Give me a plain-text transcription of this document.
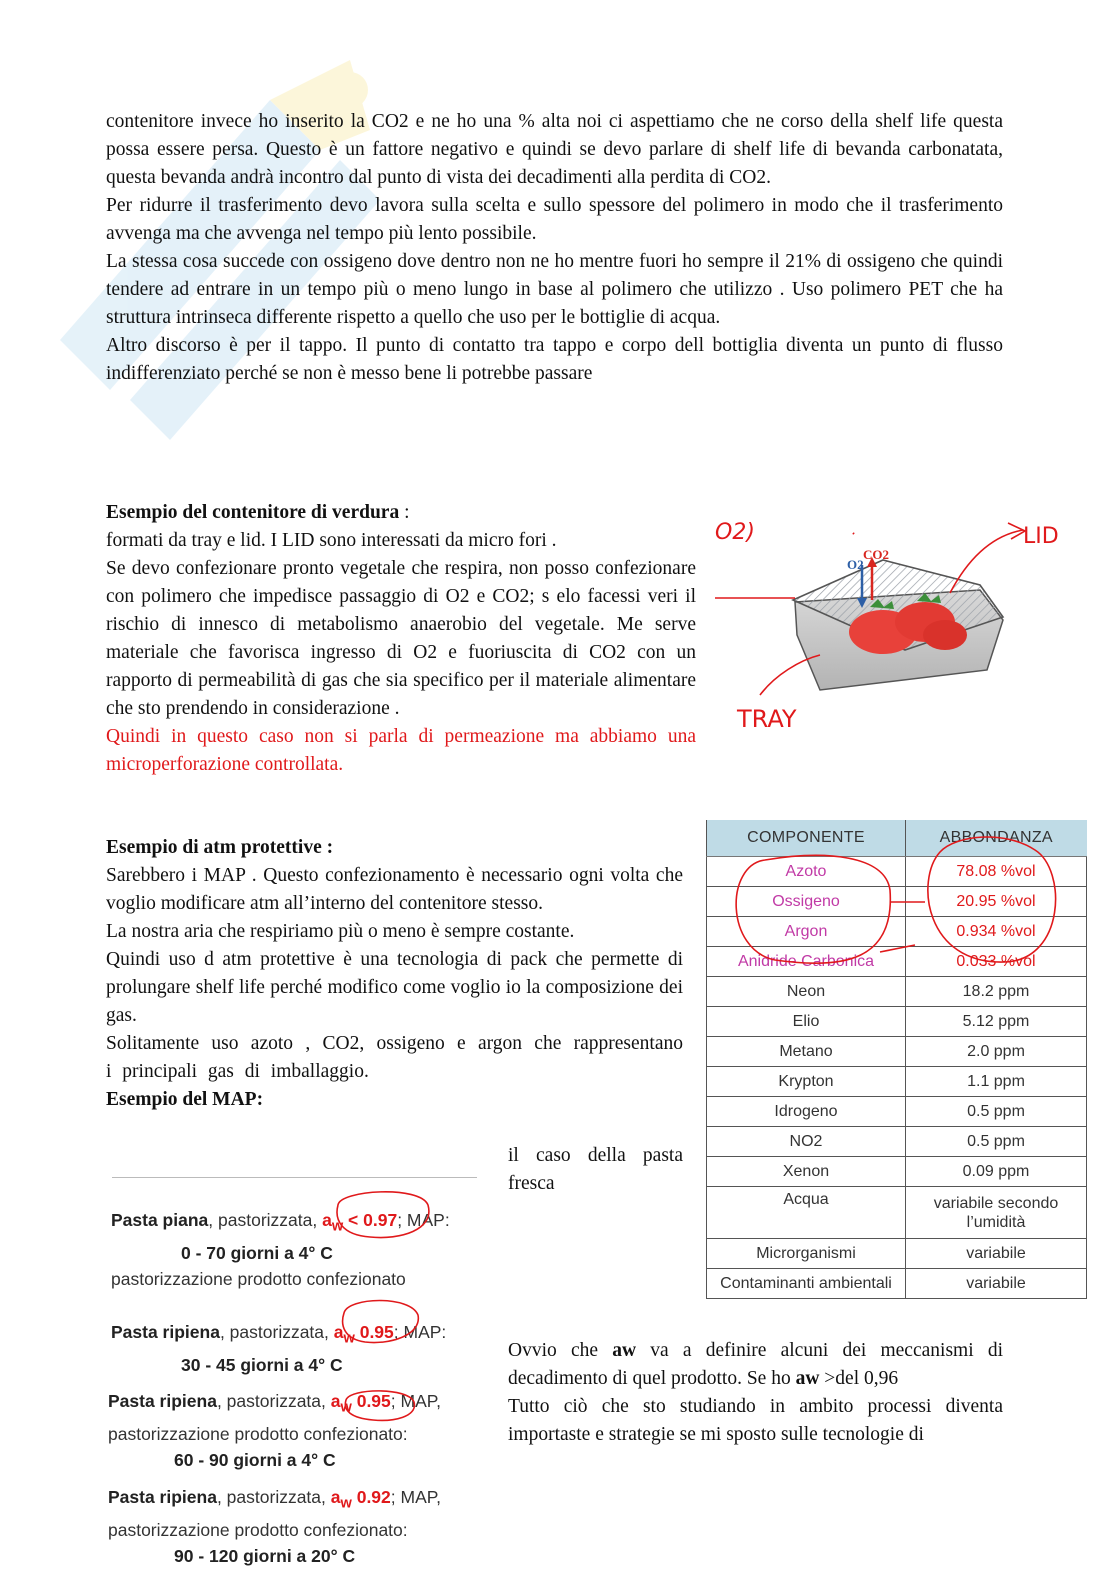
contenitore invece ho inserito la CO2 e ne ho una % alta noi ci aspettiamo che ne corso della shelf life questa possa essere persa. Questo è un fattore negativo e quindi se devo parlare di shelf life di bevanda carbonatata, questa bevanda andrà incontro dal punto di vista dei decadimenti alla perdita di CO2.
Per ridurre il trasferimento devo lavora sulla scelta e sullo spessore del polimero in modo che il trasferimento avvenga ma che avvenga nel tempo più lento possibile.
La stessa cosa succede con ossigeno dove dentro non ne ho mentre fuori ho sempre il 21% di ossigeno che quindi tendere ad entrare in un tempo più o meno lungo in base al polimero che utilizzo . Uso polimero PET che ha struttura intrinseca differente rispetto a quello che uso per le bottiglie di acqua.
Altro discorso è per il tappo. Il punto di contatto tra tappo e corpo dell bottiglia diventa un punto di flusso indifferenziato perché se non è messo bene li potrebbe passare
Esempio del contenitore di verdura :
formati da tray e lid. I LID sono interessati da micro fori .
Se devo confezionare pronto vegetale che respira, non posso confezionare con polimero che impedisce passaggio di O2 e CO2; s elo facessi veri il rischio di innesco di metabolismo anaerobio del vegetale. Me serve materiale che favorisca ingresso di O2 e fuoriuscita di CO2 con un rapporto di permeabilità di gas che sia specifico per il materiale alimentare che sto prendendo in considerazione .
Quindi in questo caso non si parla di permeazione ma abbiamo una microperforazione controllata.
O2
CO2
O2)	LID
TRAY
Esempio di atm protettive :
Sarebbero i MAP . Questo confezionamento è necessario ogni volta che voglio modificare atm all’interno del contenitore stesso.
La nostra aria che respiriamo più o meno è sempre costante.
Quindi uso d atm protettive è una tecnologia di pack che permette di prolungare shelf life perché modifico come voglio io la composizione dei gas.
Solitamente uso azoto , CO2, ossigeno e argon che rappresentano i principali gas di imballaggio.
Esempio del MAP:
il caso della pasta fresca
COMPONENTE	ABBONDANZA
Azoto	78.08 %vol
Ossigeno	20.95 %vol
Argon	0.934 %vol
Anidride Carbonica	0.033 %vol
Neon	18.2 ppm
Elio	5.12 ppm
Metano	2.0 ppm
Krypton	1.1 ppm
Idrogeno	0.5 ppm
NO2	0.5 ppm
Xenon	0.09 ppm
Acqua	variabile secondo l’umidità
Microrganismi	variabile
Contaminanti ambientali	variabile
Pasta piana, pastorizzata, $a_w < 0.97$; MAP:
0 - 70 giorni a 4° C
pastorizzazione prodotto confezionato
Pasta ripiena, pastorizzata, $a_w$ 0.95; MAP:
30 - 45 giorni a 4° C
Pasta ripiena, pastorizzata, $a_w$ 0.95; MAP,
pastorizzazione prodotto confezionato:
60 - 90 giorni a 4° C
Pasta ripiena, pastorizzata, $a_w$ 0.92; MAP,
pastorizzazione prodotto confezionato:
90 - 120 giorni a 20° C
Ovvio che aw va a definire alcuni dei meccanismi di decadimento di quel prodotto. Se ho aw >del 0,96
Tutto ciò che sto studiando in ambito processi diventa importaste e strategie se mi sposto sulle tecnologie di
